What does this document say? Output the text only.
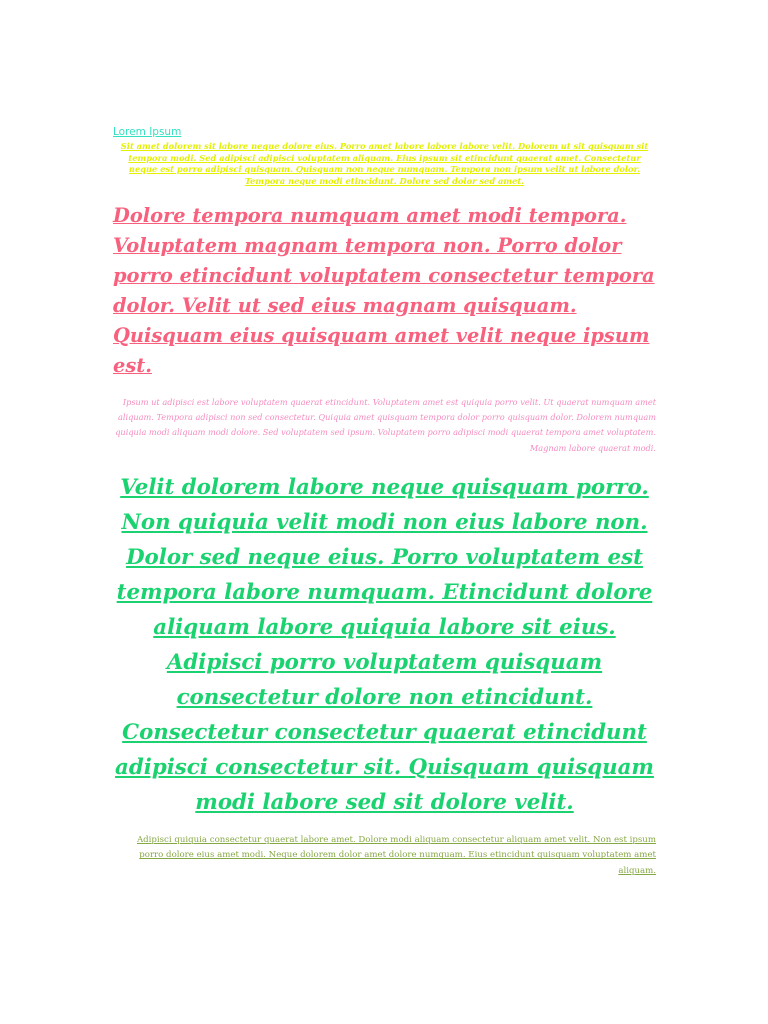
Lorem Ipsum

Sit amet dolorem sit labore neque dolore eius. Porro amet labore labore labore velit. Dolorem ut sit quisquam sit tempora modi. Sed adipisci adipisci voluptatem aliquam. Eius ipsum sit etincidunt quaerat amet. Consectetur neque est porro adipisci quisquam. Quisquam non neque numquam. Tempora non ipsum velit ut labore dolor. Tempora neque modi etincidunt. Dolore sed dolor sed amet.

Dolore tempora numquam amet modi tempora. Voluptatem magnam tempora non. Porro dolor porro etincidunt voluptatem consectetur tempora dolor. Velit ut sed eius magnam quisquam. Quisquam eius quisquam amet velit neque ipsum est.

Ipsum ut adipisci est labore voluptatem quaerat etincidunt. Voluptatem amet est quiquia porro velit. Ut quaerat numquam amet aliquam. Tempora adipisci non sed consectetur. Quiquia amet quisquam tempora dolor porro quisquam dolor. Dolorem numquam quiquia modi aliquam modi dolore. Sed voluptatem sed ipsum. Voluptatem porro adipisci modi quaerat tempora amet voluptatem. Magnam labore quaerat modi.

Velit dolorem labore neque quisquam porro. Non quiquia velit modi non eius labore non. Dolor sed neque eius. Porro voluptatem est tempora labore numquam. Etincidunt dolore aliquam labore quiquia labore sit eius. Adipisci porro voluptatem quisquam consectetur dolore non etincidunt. Consectetur consectetur quaerat etincidunt adipisci consectetur sit. Quisquam quisquam modi labore sed sit dolore velit.

Adipisci quiquia consectetur quaerat labore amet. Dolore modi aliquam consectetur aliquam amet velit. Non est ipsum porro dolore eius amet modi. Neque dolorem dolor amet dolore numquam. Eius etincidunt quisquam voluptatem amet aliquam.
